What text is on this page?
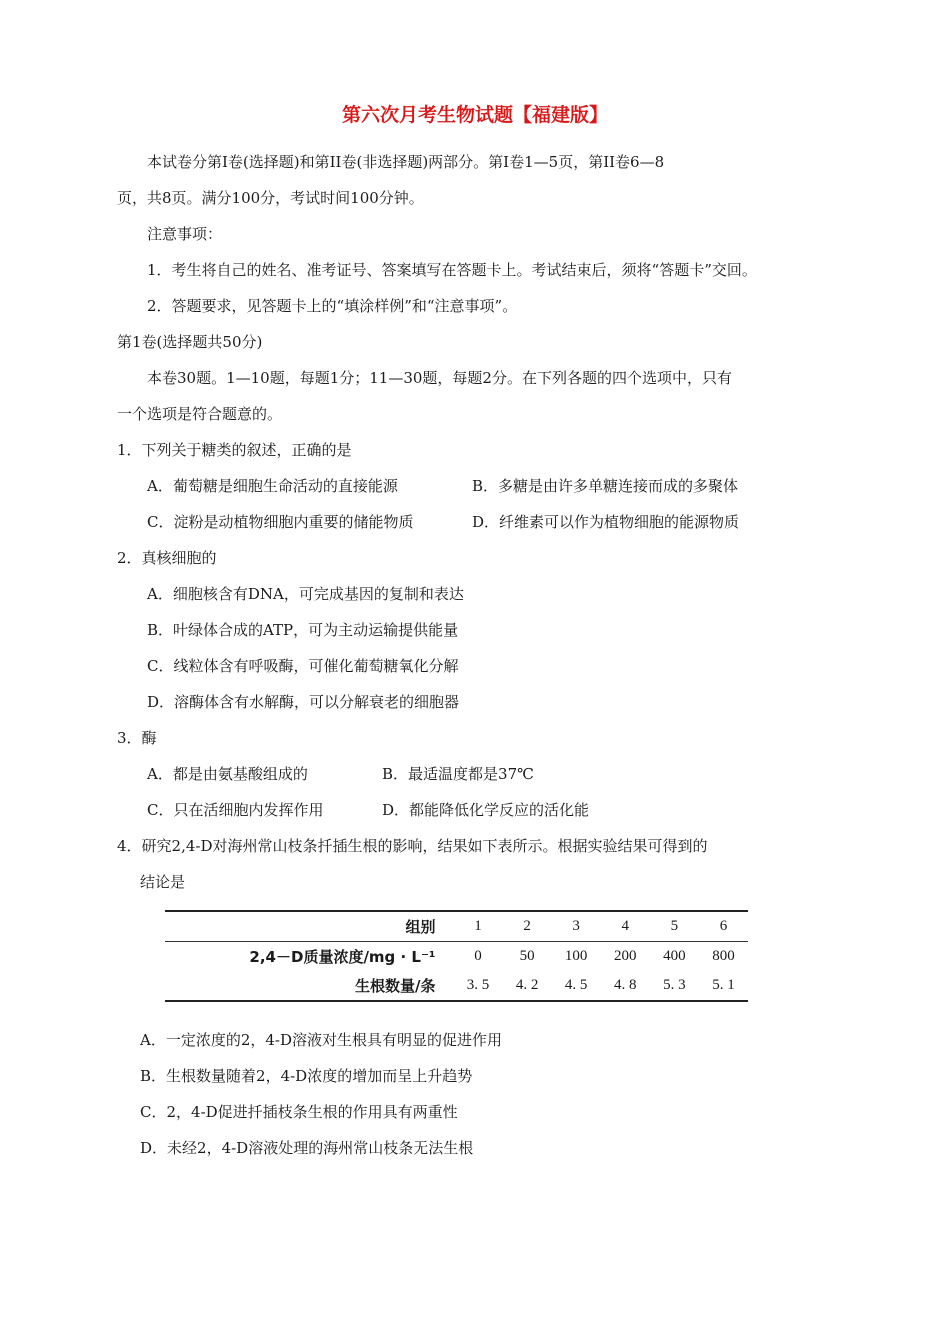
第六次月考生物试题【福建版】
本试卷分第I卷(选择题)和第II卷(非选择题)两部分。第I卷1—5页，第II卷6—8
页，共8页。满分100分，考试时间100分钟。
注意事项：
1．考生将自己的姓名、准考证号、答案填写在答题卡上。考试结束后，须将“答题卡”交回。
2．答题要求，见答题卡上的“填涂样例”和“注意事项”。
第1卷(选择题共50分)
本卷30题。1—10题，每题1分；11—30题，每题2分。在下列各题的四个选项中，只有
一个选项是符合题意的。
1．下列关于糖类的叙述，正确的是
A．葡萄糖是细胞生命活动的直接能源	B．多糖是由许多单糖连接而成的多聚体
C．淀粉是动植物细胞内重要的储能物质	D．纤维素可以作为植物细胞的能源物质
2．真核细胞的
A．细胞核含有DNA，可完成基因的复制和表达
B．叶绿体合成的ATP，可为主动运输提供能量
C．线粒体含有呼吸酶，可催化葡萄糖氧化分解
D．溶酶体含有水解酶，可以分解衰老的细胞器
3．酶
A．都是由氨基酸组成的	B．最适温度都是37℃
C．只在活细胞内发挥作用	D．都能降低化学反应的活化能
4．研究2,4-D对海州常山枝条扦插生根的影响，结果如下表所示。根据实验结果可得到的
结论是
组别	1	2	3	4	5	6
2,4－D质量浓度/mg · L⁻¹	0	50	100	200	400	800
生根数量/条	3. 5	4. 2	4. 5	4. 8	5. 3	5. 1
A．一定浓度的2，4-D溶液对生根具有明显的促进作用
B．生根数量随着2，4-D浓度的增加而呈上升趋势
C．2，4-D促进扦插枝条生根的作用具有两重性
D．未经2，4-D溶液处理的海州常山枝条无法生根
